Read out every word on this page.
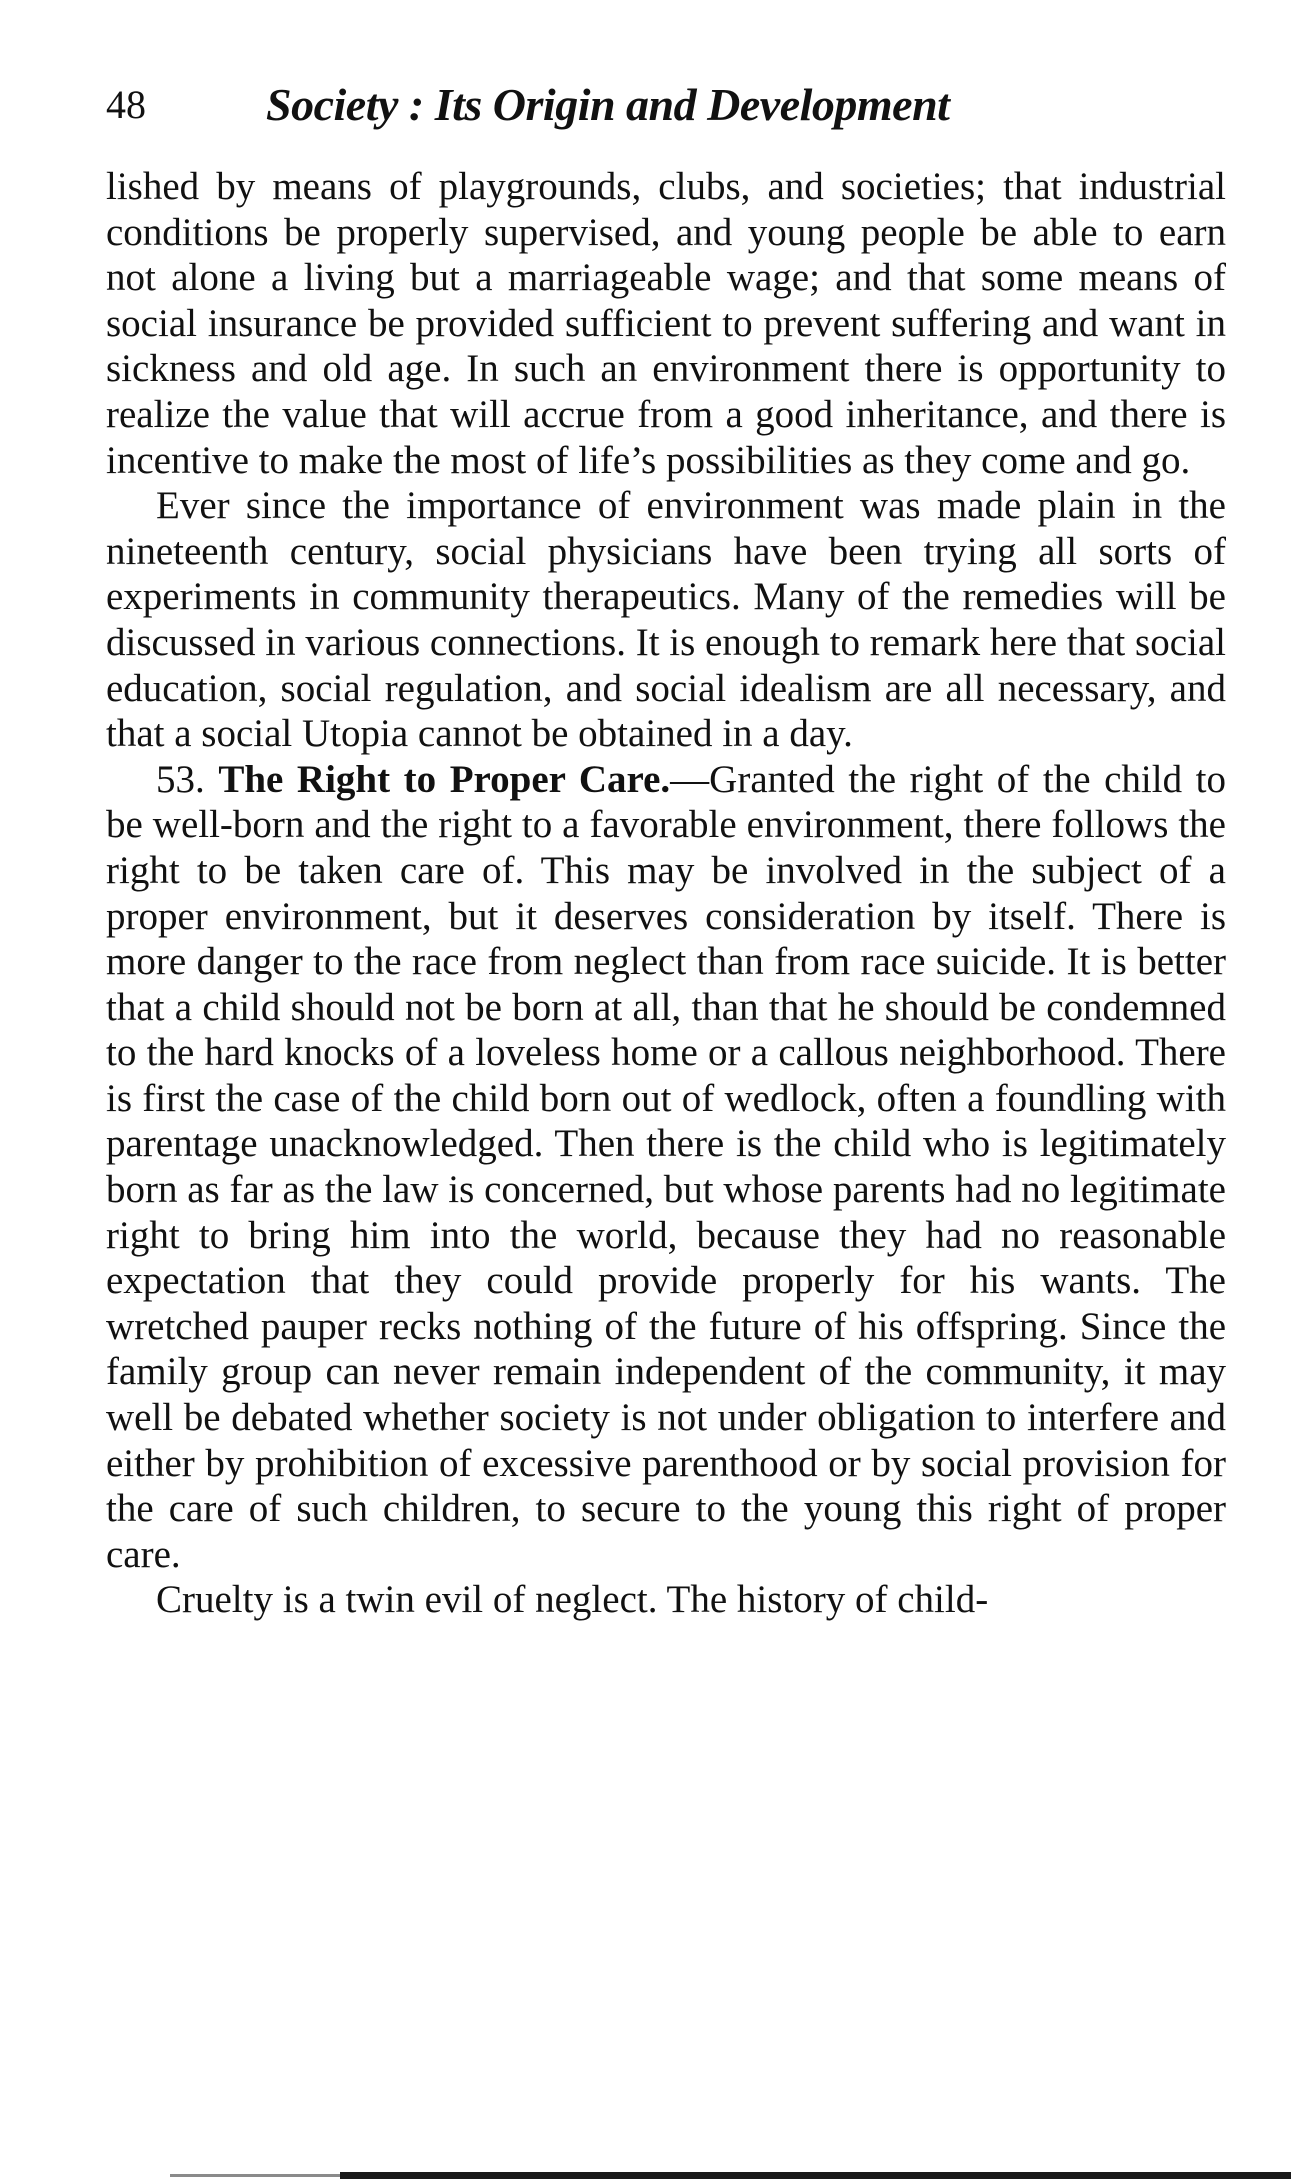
48	Society : Its Origin and Development

lished by means of playgrounds, clubs, and societies; that industrial conditions be properly supervised, and young people be able to earn not alone a living but a marriageable wage; and that some means of social insurance be provided sufficient to prevent suffering and want in sickness and old age. In such an environment there is opportunity to realize the value that will accrue from a good inheritance, and there is incentive to make the most of life’s possibilities as they come and go.

Ever since the importance of environment was made plain in the nineteenth century, social physicians have been trying all sorts of experiments in community therapeutics. Many of the remedies will be discussed in various connections. It is enough to remark here that social education, social regulation, and social idealism are all necessary, and that a social Utopia cannot be obtained in a day.

53. The Right to Proper Care.—Granted the right of the child to be well-born and the right to a favorable environment, there follows the right to be taken care of. This may be involved in the subject of a proper environment, but it deserves consideration by itself. There is more danger to the race from neglect than from race suicide. It is better that a child should not be born at all, than that he should be condemned to the hard knocks of a loveless home or a callous neighborhood. There is first the case of the child born out of wedlock, often a foundling with parentage unacknowledged. Then there is the child who is legitimately born as far as the law is concerned, but whose parents had no legitimate right to bring him into the world, because they had no reasonable expectation that they could provide properly for his wants. The wretched pauper recks nothing of the future of his offspring. Since the family group can never remain independent of the community, it may well be debated whether society is not under obligation to interfere and either by prohibition of excessive parenthood or by social provision for the care of such children, to secure to the young this right of proper care.

Cruelty is a twin evil of neglect. The history of child-
